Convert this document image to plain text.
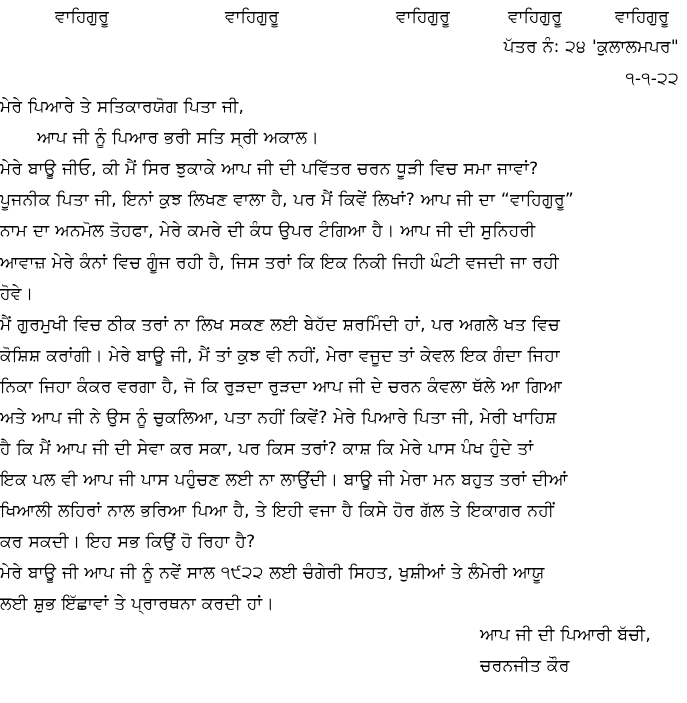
ਵਾਹਿਗੁਰੂ	ਵਾਹਿਗੁਰੂ	ਵਾਹਿਗੁਰੂ	ਵਾਹਿਗੁਰੂ	ਵਾਹਿਗੁਰੂ
ਪੱਤਰ ਨੰ: ੨੪ 'ਕੁਲਾਲਮਪਰ"
੧-੧-੨੨
ਮੇਰੇ ਪਿਆਰੇ ਤੇ ਸਤਿਕਾਰਯੋਗ ਪਿਤਾ ਜੀ,
ਆਪ ਜੀ ਨੂੰ ਪਿਆਰ ਭਰੀ ਸਤਿ ਸ੍ਰੀ ਅਕਾਲ।
ਮੇਰੇ ਬਾਊ ਜੀਓ, ਕੀ ਮੈਂ ਸਿਰ ਝੁਕਾਕੇ ਆਪ ਜੀ ਦੀ ਪਵਿੱਤਰ ਚਰਨ ਧੂੜੀ ਵਿਚ ਸਮਾ ਜਾਵਾਂ?
ਪੂਜਨੀਕ ਪਿਤਾ ਜੀ, ਇਨਾਂ ਕੁਝ ਲਿਖਣ ਵਾਲਾ ਹੈ, ਪਰ ਮੈਂ ਕਿਵੇਂ ਲਿਖਾਂ? ਆਪ ਜੀ ਦਾ “ਵਾਹਿਗੁਰੂ”
ਨਾਮ ਦਾ ਅਨਮੋਲ ਤੋਹਫਾ, ਮੇਰੇ ਕਮਰੇ ਦੀ ਕੰਧ ਉਪਰ ਟੰਗਿਆ ਹੈ। ਆਪ ਜੀ ਦੀ ਸੁਨਿਹਰੀ
ਆਵਾਜ਼ ਮੇਰੇ ਕੰਨਾਂ ਵਿਚ ਗੂੰਜ ਰਹੀ ਹੈ, ਜਿਸ ਤਰਾਂ ਕਿ ਇਕ ਨਿਕੀ ਜਿਹੀ ਘੰਟੀ ਵਜਦੀ ਜਾ ਰਹੀ
ਹੋਵੇ।
ਮੈਂ ਗੁਰਮੁਖੀ ਵਿਚ ਠੀਕ ਤਰਾਂ ਨਾ ਲਿਖ ਸਕਣ ਲਈ ਬੇਹੱਦ ਸ਼ਰਮਿੰਦੀ ਹਾਂ, ਪਰ ਅਗਲੇ ਖਤ ਵਿਚ
ਕੋਸ਼ਿਸ਼ ਕਰਾਂਗੀ। ਮੇਰੇ ਬਾਊ ਜੀ, ਮੈਂ ਤਾਂ ਕੁਝ ਵੀ ਨਹੀਂ, ਮੇਰਾ ਵਜੂਦ ਤਾਂ ਕੇਵਲ ਇਕ ਗੰਦਾ ਜਿਹਾ
ਨਿਕਾ ਜਿਹਾ ਕੰਕਰ ਵਰਗਾ ਹੈ, ਜੋ ਕਿ ਰੁੜਦਾ ਰੁੜਦਾ ਆਪ ਜੀ ਦੇ ਚਰਨ ਕੰਵਲਾ ਥੱਲੇ ਆ ਗਿਆ
ਅਤੇ ਆਪ ਜੀ ਨੇ ਉਸ ਨੂੰ ਚੁਕਲਿਆ, ਪਤਾ ਨਹੀਂ ਕਿਵੇਂ? ਮੇਰੇ ਪਿਆਰੇ ਪਿਤਾ ਜੀ, ਮੇਰੀ ਖਾਹਿਸ਼
ਹੈ ਕਿ ਮੈਂ ਆਪ ਜੀ ਦੀ ਸੇਵਾ ਕਰ ਸਕਾ, ਪਰ ਕਿਸ ਤਰਾਂ? ਕਾਸ਼ ਕਿ ਮੇਰੇ ਪਾਸ ਪੰਖ ਹੁੰਦੇ ਤਾਂ
ਇਕ ਪਲ ਵੀ ਆਪ ਜੀ ਪਾਸ ਪਹੁੰਚਣ ਲਈ ਨਾ ਲਾਉਂਦੀ। ਬਾਊ ਜੀ ਮੇਰਾ ਮਨ ਬਹੁਤ ਤਰਾਂ ਦੀਆਂ
ਖਿਆਲੀ ਲਹਿਰਾਂ ਨਾਲ ਭਰਿਆ ਪਿਆ ਹੈ, ਤੇ ਇਹੀ ਵਜਾ ਹੈ ਕਿਸੇ ਹੋਰ ਗੱਲ ਤੇ ਇਕਾਗਰ ਨਹੀਂ
ਕਰ ਸਕਦੀ। ਇਹ ਸਭ ਕਿਉਂ ਹੋ ਰਿਹਾ ਹੈ?
ਮੇਰੇ ਬਾਊ ਜੀ ਆਪ ਜੀ ਨੂੰ ਨਵੇਂ ਸਾਲ ੧੯੨੨ ਲਈ ਚੰਗੇਰੀ ਸਿਹਤ, ਖੁਸ਼ੀਆਂ ਤੇ ਲੰਮੇਰੀ ਆਯੂ
ਲਈ ਸ਼ੁਭ ਇੱਛਾਵਾਂ ਤੇ ਪ੍ਰਾਰਥਨਾ ਕਰਦੀ ਹਾਂ।
ਆਪ ਜੀ ਦੀ ਪਿਆਰੀ ਬੱਚੀ,
ਚਰਨਜੀਤ ਕੌਰ
